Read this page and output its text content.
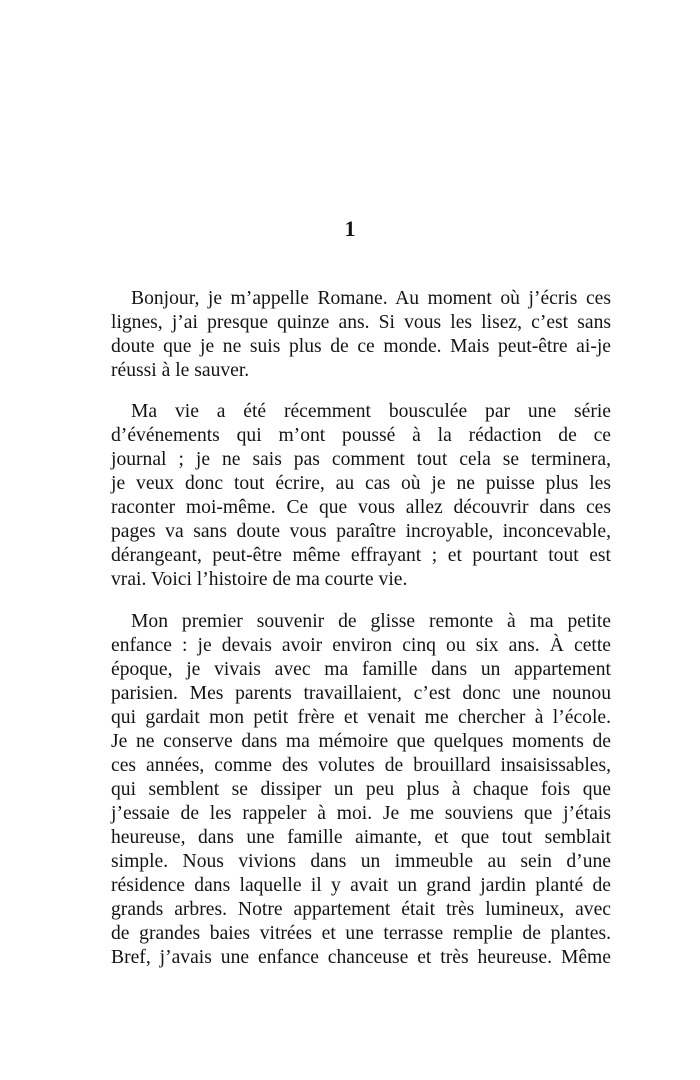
1
Bonjour, je m’appelle Romane. Au moment où j’écris ces
lignes, j’ai presque quinze ans. Si vous les lisez, c’est sans
doute que je ne suis plus de ce monde. Mais peut-être ai-je
réussi à le sauver.
Ma vie a été récemment bousculée par une série
d’événements qui m’ont poussé à la rédaction de ce
journal ; je ne sais pas comment tout cela se terminera,
je veux donc tout écrire, au cas où je ne puisse plus les
raconter moi-même. Ce que vous allez découvrir dans ces
pages va sans doute vous paraître incroyable, inconcevable,
dérangeant, peut-être même effrayant ; et pourtant tout est
vrai. Voici l’histoire de ma courte vie.
Mon premier souvenir de glisse remonte à ma petite
enfance : je devais avoir environ cinq ou six ans. À cette
époque, je vivais avec ma famille dans un appartement
parisien. Mes parents travaillaient, c’est donc une nounou
qui gardait mon petit frère et venait me chercher à l’école.
Je ne conserve dans ma mémoire que quelques moments de
ces années, comme des volutes de brouillard insaisissables,
qui semblent se dissiper un peu plus à chaque fois que
j’essaie de les rappeler à moi. Je me souviens que j’étais
heureuse, dans une famille aimante, et que tout semblait
simple. Nous vivions dans un immeuble au sein d’une
résidence dans laquelle il y avait un grand jardin planté de
grands arbres. Notre appartement était très lumineux, avec
de grandes baies vitrées et une terrasse remplie de plantes.
Bref, j’avais une enfance chanceuse et très heureuse. Même
